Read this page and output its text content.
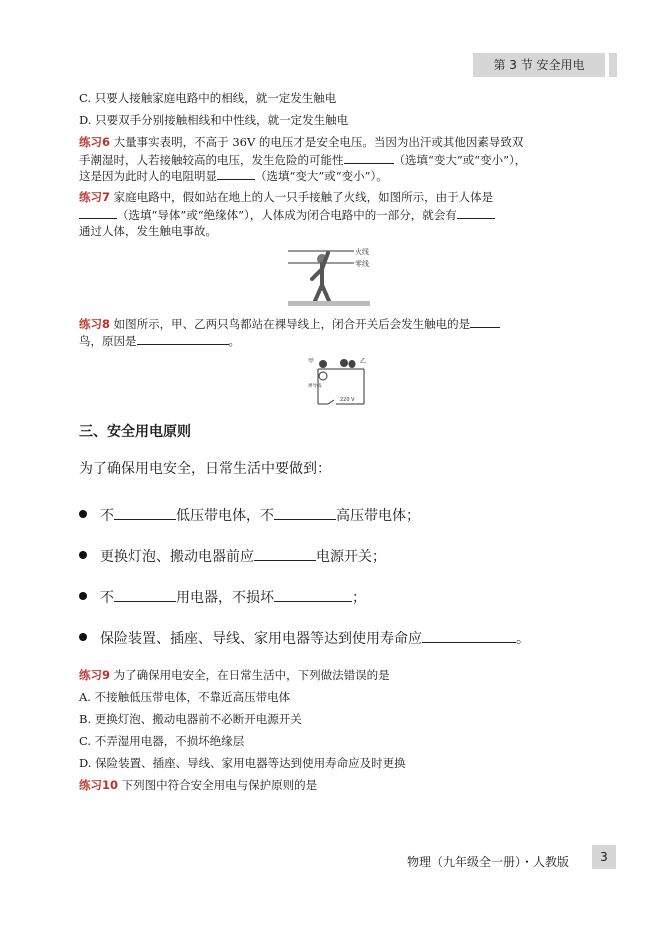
第 3 节 安全用电
C. 只要人接触家庭电路中的相线，就一定发生触电
D. 只要双手分别接触相线和中性线，就一定发生触电
练习6 大量事实表明，不高于 36V 的电压才是安全电压。当因为出汗或其他因素导致双
手潮湿时，人若接触较高的电压，发生危险的可能性	（选填“变大”或“变小”），
这是因为此时人的电阻明显	（选填“变大”或“变小”）。
练习7 家庭电路中，假如站在地上的人一只手接触了火线，如图所示，由于人体是
（选填“导体”或“绝缘体”），人体成为闭合电路中的一部分，就会有
通过人体，发生触电事故。
火线
零线
练习8 如图所示，甲、乙两只鸟都站在裸导线上，闭合开关后会发生触电的是
鸟，原因是	。
甲	乙
裸导线
220 V
三、安全用电原则
为了确保用电安全，日常生活中要做到：
不	低压带电体，不	高压带电体；
更换灯泡、搬动电器前应	电源开关；
不	用电器，不损坏	；
保险装置、插座、导线、家用电器等达到使用寿命应	。
练习9 为了确保用电安全，在日常生活中，下列做法错误的是
A. 不接触低压带电体，不靠近高压带电体
B. 更换灯泡、搬动电器前不必断开电源开关
C. 不弄湿用电器，不损坏绝缘层
D. 保险装置、插座、导线、家用电器等达到使用寿命应及时更换
练习10 下列图中符合安全用电与保护原则的是
物理（九年级全一册）・人教版	3
